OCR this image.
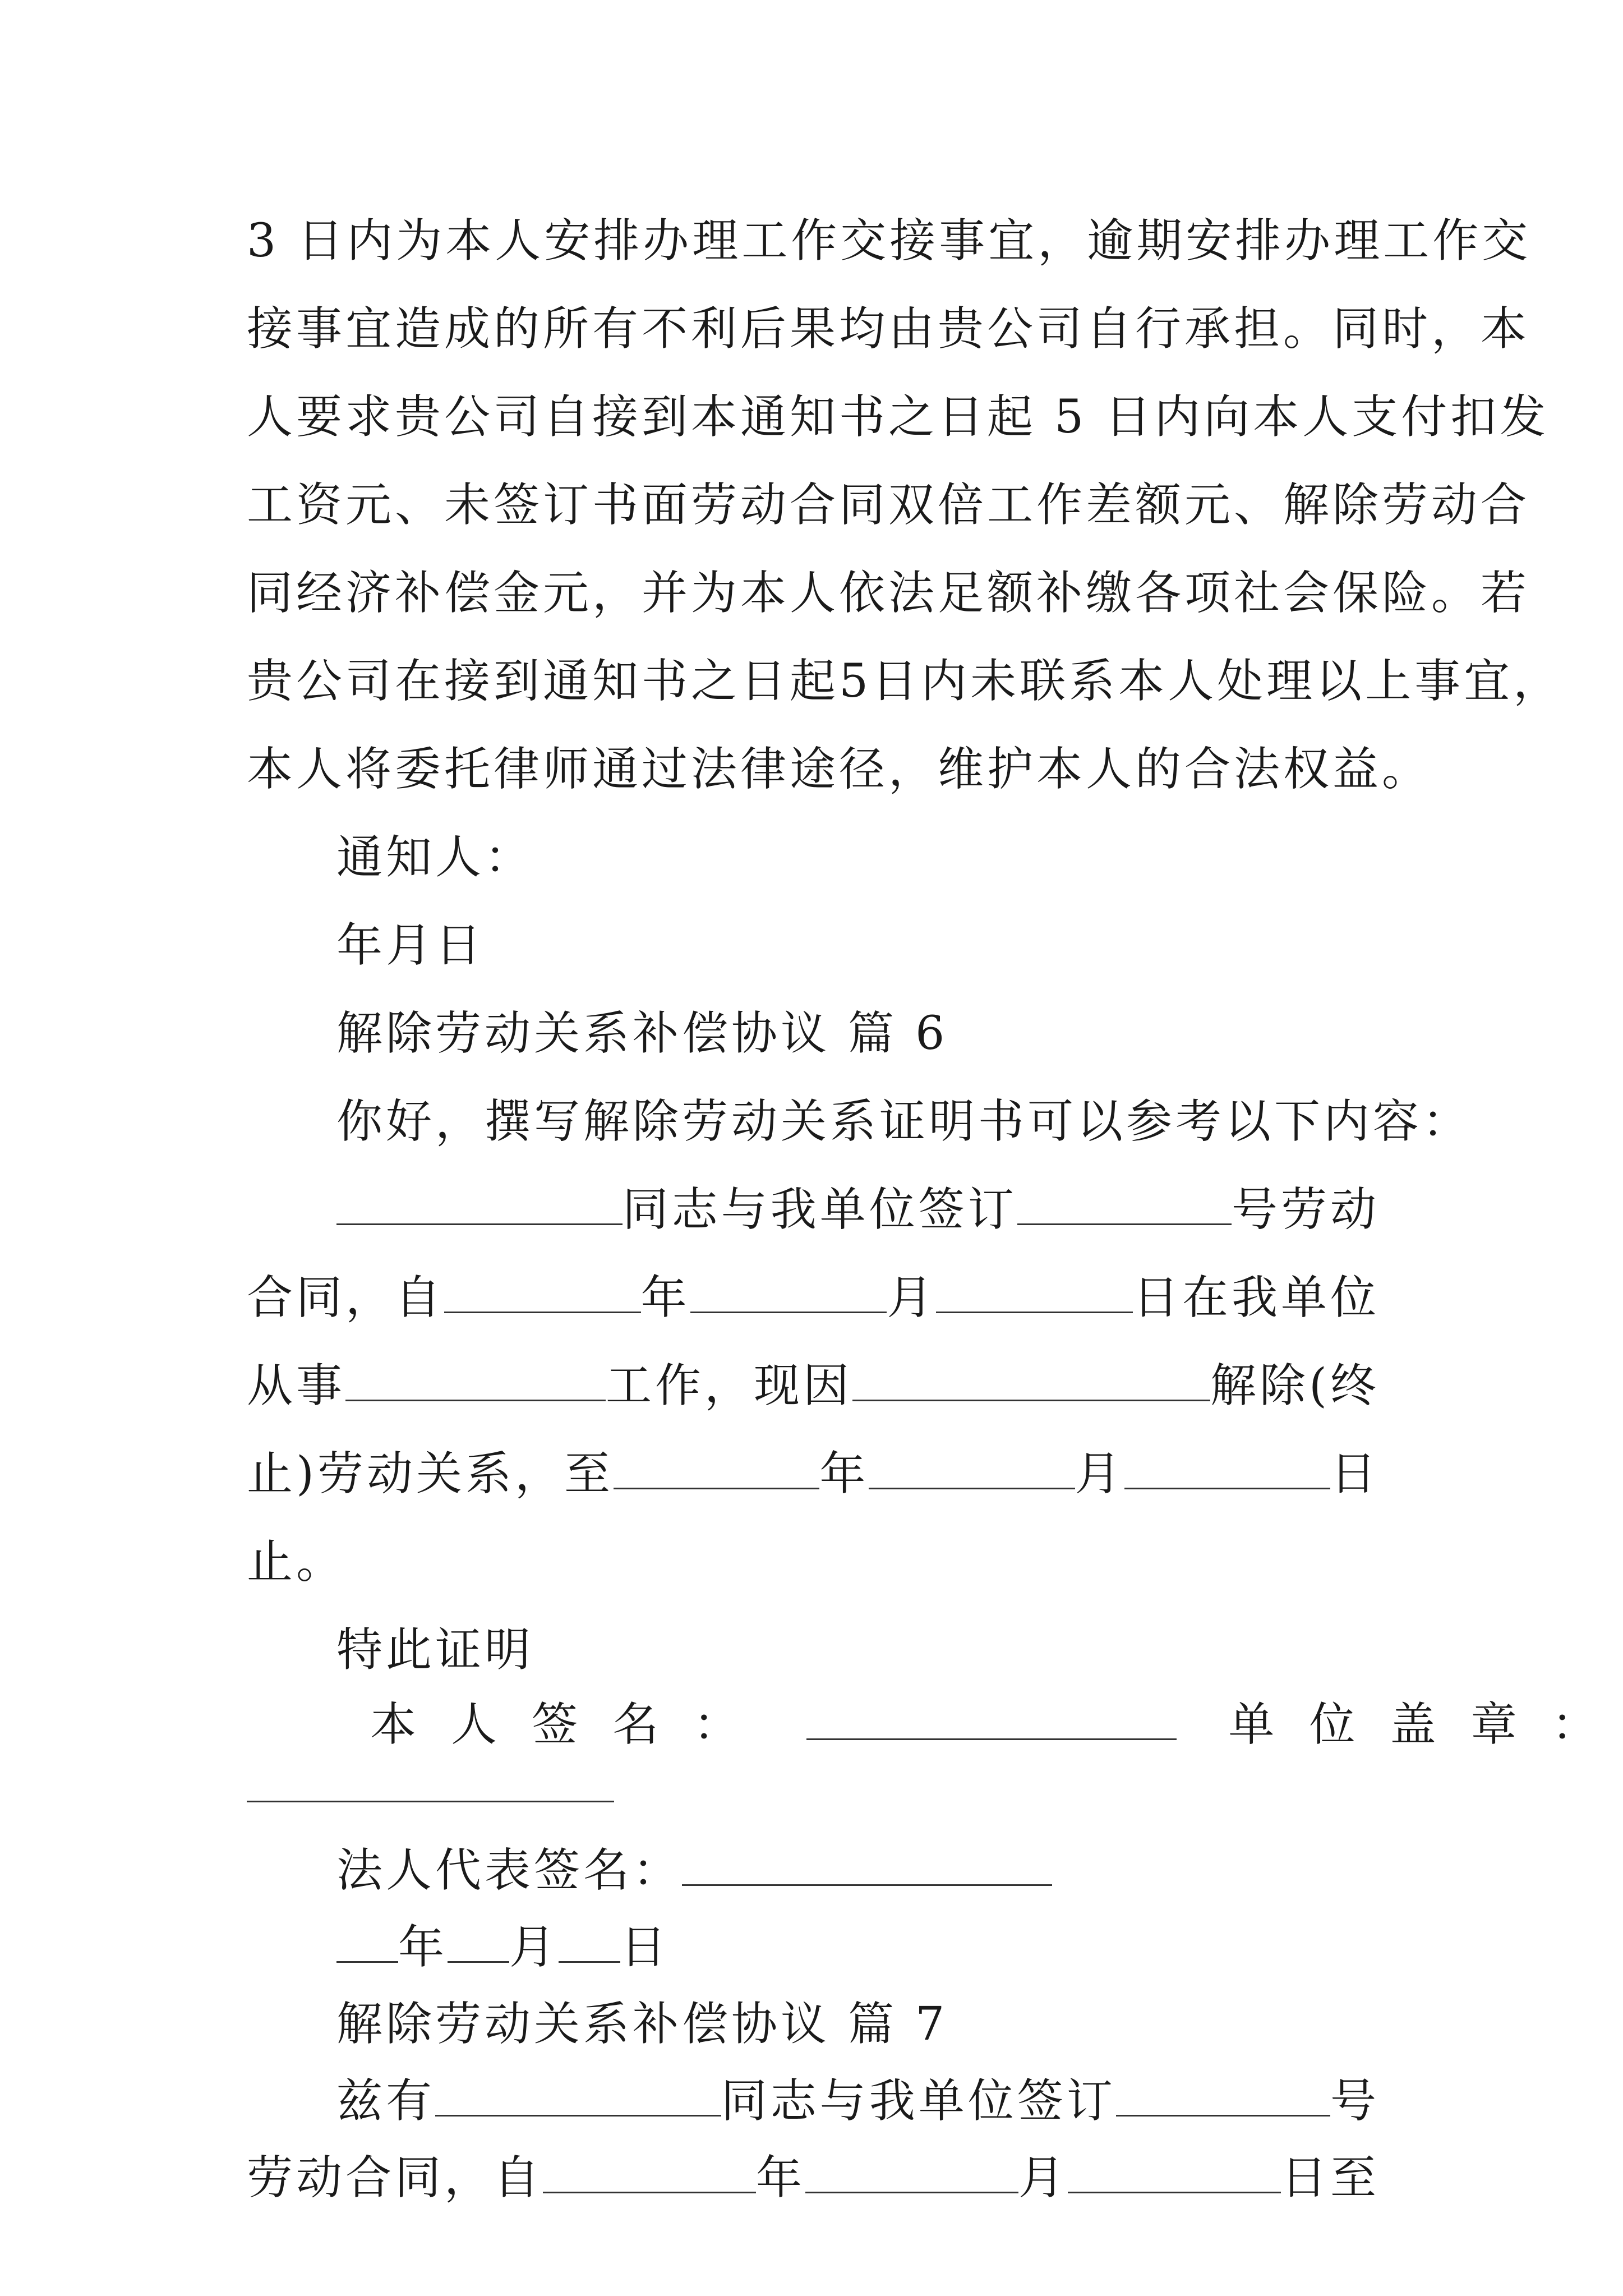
3 日内为本人安排办理工作交接事宜，逾期安排办理工作交
接事宜造成的所有不利后果均由贵公司自行承担。同时，本
人要求贵公司自接到本通知书之日起 5 日内向本人支付扣发
工资元、未签订书面劳动合同双倍工作差额元、解除劳动合
同经济补偿金元，并为本人依法足额补缴各项社会保险。若
贵公司在接到通知书之日起5日内未联系本人处理以上事宜，
本人将委托律师通过法律途径，维护本人的合法权益。
通知人：
年月日
解除劳动关系补偿协议 篇 6
你好，撰写解除劳动关系证明书可以参考以下内容：
同志与我单位签订	号劳动
合同，自	年	月	日在我单位
从事	工作，现因	解除(终
止)劳动关系，至	年	月	日
止。
特此证明
本 人 签 名 ：	单 位 盖 章 ：
法人代表签名：
年 月 日
解除劳动关系补偿协议 篇 7
兹有	同志与我单位签订	号
劳动合同，自	年	月	日至
